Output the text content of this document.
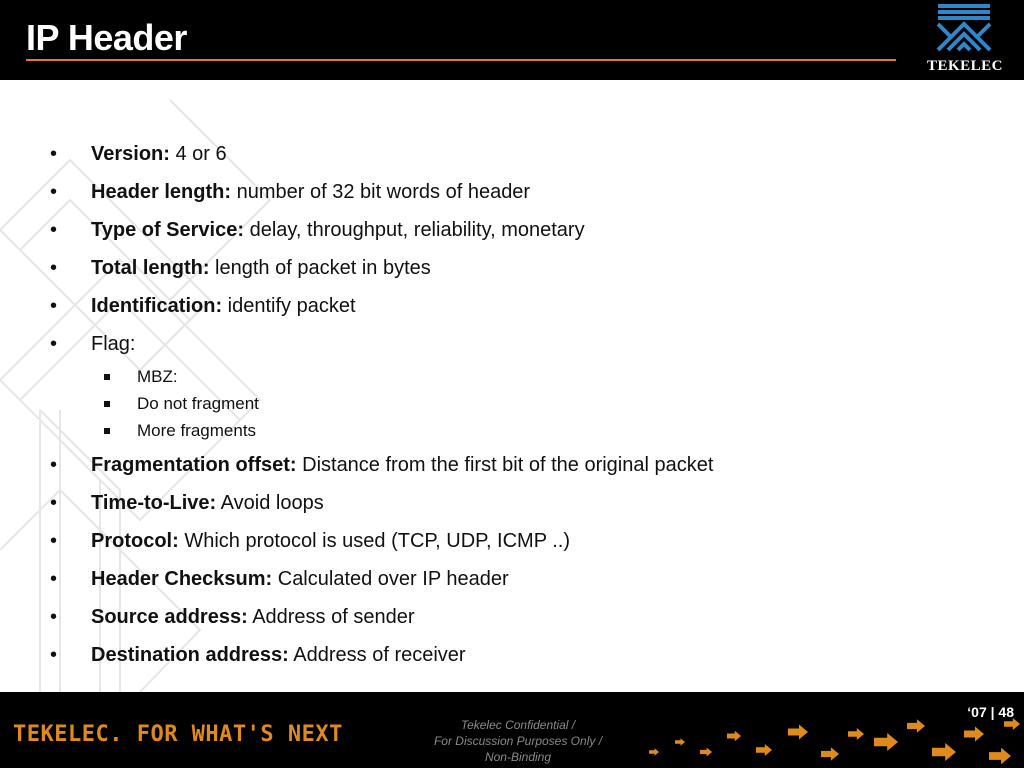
IP Header
TEKELEC
•	Version: 4 or 6
•	Header length: number of 32 bit words of header
•	Type of Service: delay, throughput, reliability, monetary
•	Total length: length of packet in bytes
•	Identification: identify packet
•	Flag:
MBZ:
Do not fragment
More fragments
•	Fragmentation offset: Distance from the first bit of the original packet
•	Time-to-Live: Avoid loops
•	Protocol: Which protocol is used (TCP, UDP, ICMP ..)
•	Header Checksum: Calculated over IP header
•	Source address: Address of sender
•	Destination address: Address of receiver
TEKELEC. FOR WHAT'S NEXT	Tekelec Confidential /
For Discussion Purposes Only /
Non-Binding
‘07 | 48
